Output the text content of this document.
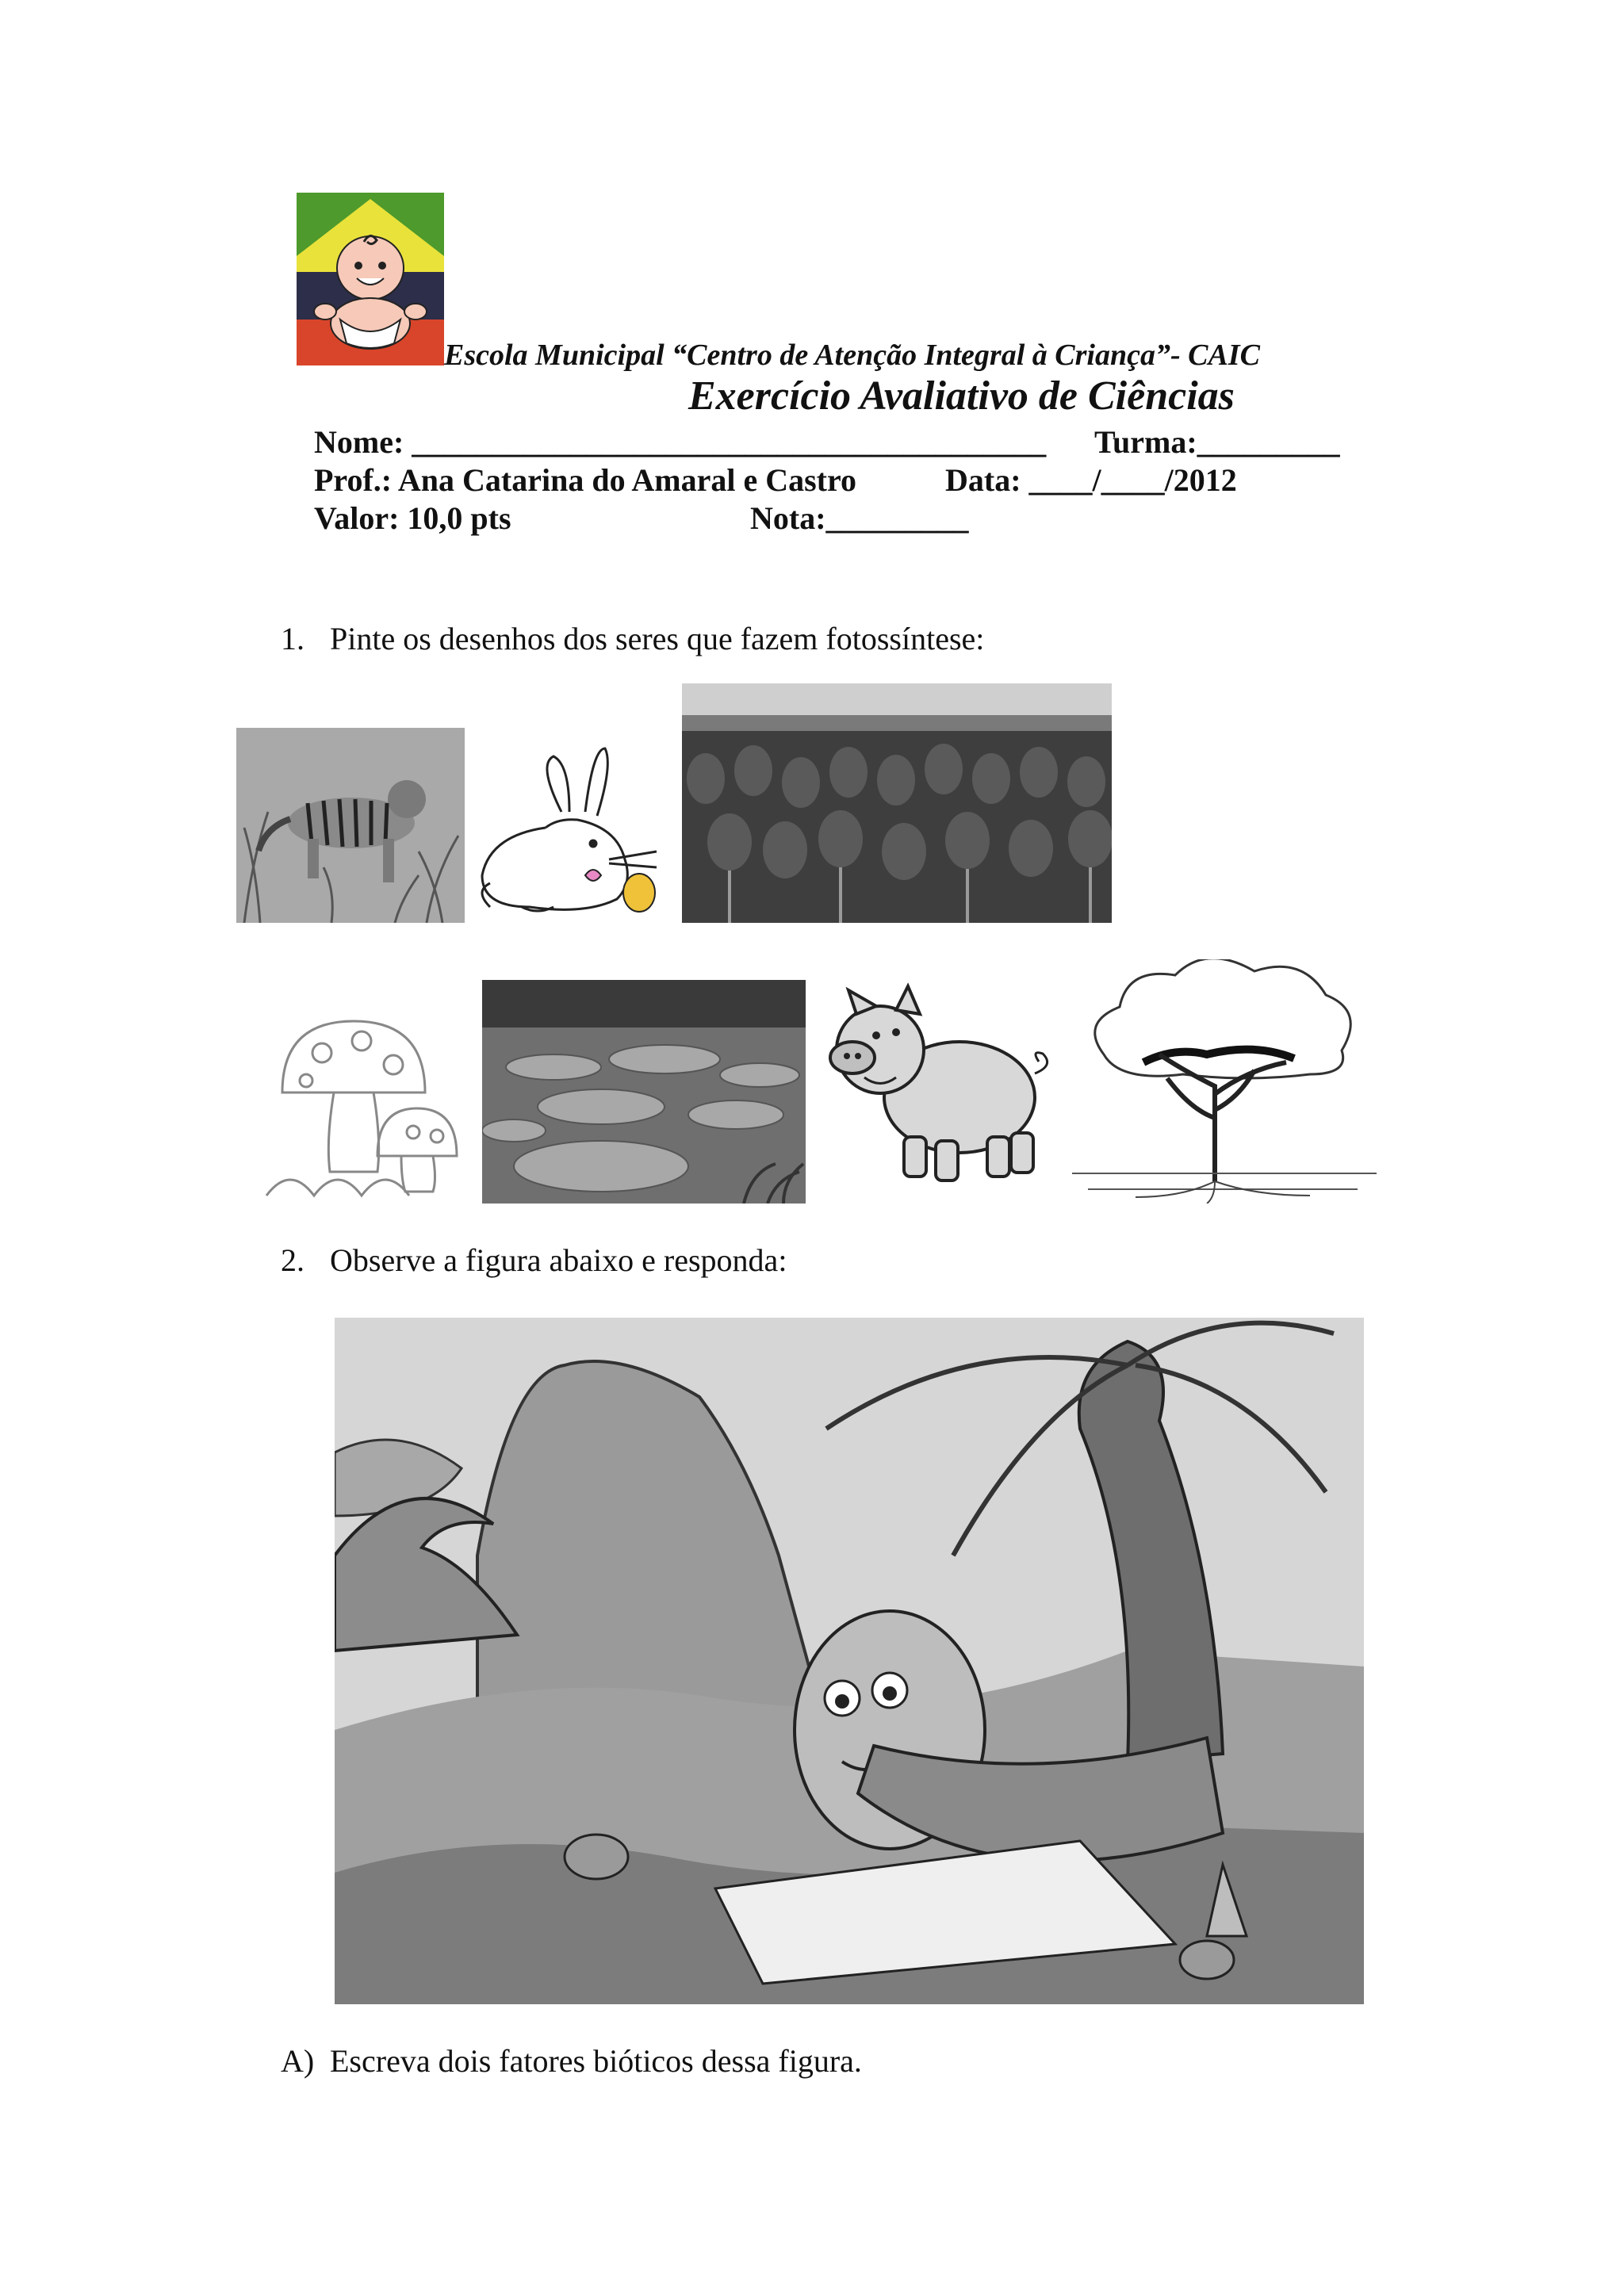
Escola Municipal “Centro de Atenção Integral à Criança”- CAIC
Exercício Avaliativo de Ciências
Nome: ________________________________________ Turma:_________
Prof.: Ana Catarina do Amaral e Castro	Data: ____/____/2012
Valor: 10,0 pts	Nota:_________
1. Pinte os desenhos dos seres que fazem fotossíntese:
2. Observe a figura abaixo e responda:
A) Escreva dois fatores bióticos dessa figura.
